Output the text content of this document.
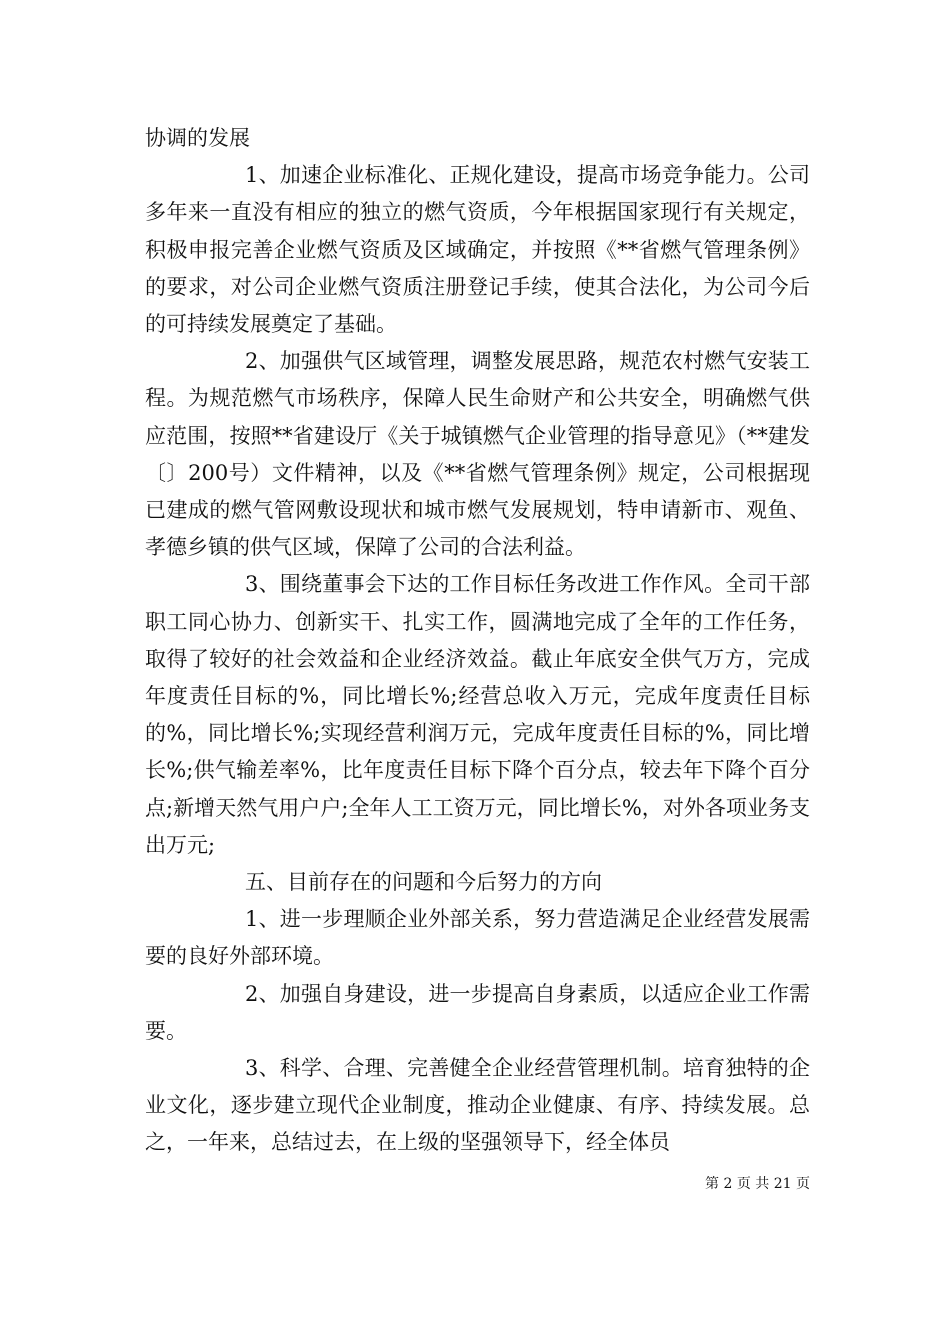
协调的发展

1、加速企业标准化、正规化建设，提高市场竞争能力。公司多年来一直没有相应的独立的燃气资质，今年根据国家现行有关规定，积极申报完善企业燃气资质及区域确定，并按照《**省燃气管理条例》的要求，对公司企业燃气资质注册登记手续，使其合法化，为公司今后的可持续发展奠定了基础。

2、加强供气区域管理，调整发展思路，规范农村燃气安装工程。为规范燃气市场秩序，保障人民生命财产和公共安全，明确燃气供应范围，按照**省建设厅《关于城镇燃气企业管理的指导意见》（**建发〔〕200号）文件精神，以及《**省燃气管理条例》规定，公司根据现已建成的燃气管网敷设现状和城市燃气发展规划，特申请新市、观鱼、孝德乡镇的供气区域，保障了公司的合法利益。

3、围绕董事会下达的工作目标任务改进工作作风。全司干部职工同心协力、创新实干、扎实工作，圆满地完成了全年的工作任务，取得了较好的社会效益和企业经济效益。截止年底安全供气万方，完成年度责任目标的%，同比增长%;经营总收入万元，完成年度责任目标的%，同比增长%;实现经营利润万元，完成年度责任目标的%，同比增长%;供气输差率%，比年度责任目标下降个百分点，较去年下降个百分点;新增天然气用户户;全年人工工资万元，同比增长%，对外各项业务支出万元;

五、目前存在的问题和今后努力的方向

1、进一步理顺企业外部关系，努力营造满足企业经营发展需要的良好外部环境。

2、加强自身建设，进一步提高自身素质，以适应企业工作需要。

3、科学、合理、完善健全企业经营管理机制。培育独特的企业文化，逐步建立现代企业制度，推动企业健康、有序、持续发展。总之，一年来，总结过去，在上级的坚强领导下，经全体员

第 2 页 共 21 页
